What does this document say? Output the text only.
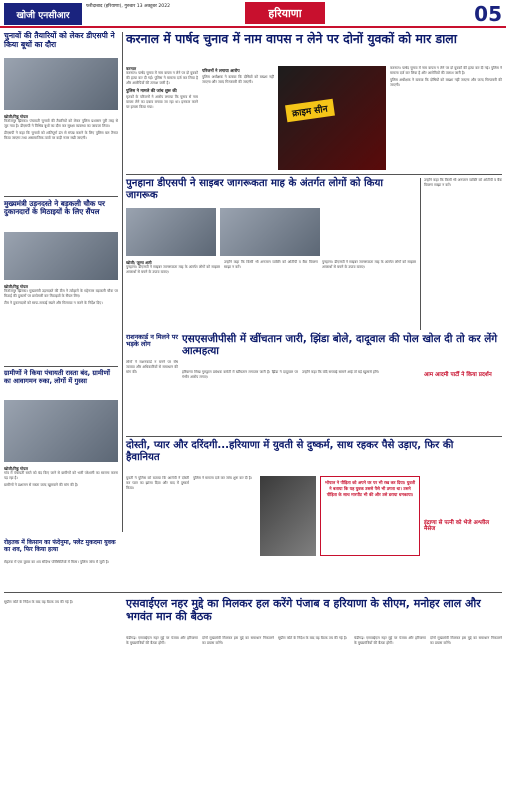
खोजी एनसीआर
फरीदाबाद (हरियाणा), गुरुवार 13 अक्टूबर 2022	हरियाणा	05
चुनावों की तैयारियों को लेकर डीएसपी ने किया बूथों का दौरा
खोजी/रिंकू गोयल

फिरोजपुर झिरका। पंचायती चुनावों की तैयारियों को लेकर पुलिस प्रशासन पूरी तरह से जुट गया है। डीएसपी ने विभिन्न बूथों का दौरा कर सुरक्षा व्यवस्था का जायजा लिया।

डीएसपी ने कहा कि चुनावों को शांतिपूर्ण ढंग से संपन्न कराने के लिए पुलिस बल तैनात किया जाएगा तथा असामाजिक तत्वों पर कड़ी नजर रखी जाएगी।

मुख्यमंत्री उड़नदस्ते ने बड़कली चौक पर दुकानदारों के मिठाइयों के लिए सैंपल
खोजी/रिंकू गोयल

फिरोजपुर झिरका। मुख्यमंत्री उड़नदस्ते की टीम ने त्योहारों के मद्देनजर बड़कली चौक पर मिठाई की दुकानों पर छापेमारी कर मिठाइयों के सैंपल लिए।

टीम ने दुकानदारों को साफ-सफाई रखने और मिलावट न करने के निर्देश दिए।

ग्रामीणों ने किया पंचायती रास्ता बंद, ग्रामीणों का आवागमन रुका, लोगों में गुस्सा
खोजी/रिंकू गोयल

गांव में पंचायती रास्ते को बंद किए जाने से ग्रामीणों को भारी परेशानी का सामना करना पड़ रहा है।

ग्रामीणों ने प्रशासन से रास्ता जल्द खुलवाने की मांग की है।

करनाल में पार्षद चुनाव में नाम वापस न लेने पर दोनों युवकों को मार डाला
करनाल

करनाल। पार्षद चुनाव में नाम वापस न लेने पर दो युवकों की हत्या कर दी गई। पुलिस ने मामला दर्ज कर लिया है और आरोपियों की तलाश जारी है।

पुलिस ने मामले की जांच शुरू की

मृतकों के परिजनों ने आरोप लगाया कि चुनाव से नाम वापस लेने का दबाव बनाया जा रहा था। इनकार करने पर हमला किया गया।

परिजनों ने लगाया आरोप

पुलिस अधीक्षक ने बताया कि दोषियों को बख्शा नहीं जाएगा और जल्द गिरफ्तारी की जाएगी।

क्राइम सीन

करनाल। पार्षद चुनाव में नाम वापस न लेने पर दो युवकों की हत्या कर दी गई। पुलिस ने मामला दर्ज कर लिया है और आरोपियों की तलाश जारी है।

पुलिस अधीक्षक ने बताया कि दोषियों को बख्शा नहीं जाएगा और जल्द गिरफ्तारी की जाएगी।

पुनहाना डीएसपी ने साइबर जागरूकता माह के अंतर्गत लोगों को किया जागरूक
खोजी/ जुम्मा अली

पुनहाना। डीएसपी ने साइबर जागरूकता माह के अंतर्गत लोगों को साइबर अपराधों से बचने के उपाय बताए।

उन्होंने कहा कि किसी भी अनजान व्यक्ति को ओटीपी व बैंक विवरण साझा न करें।

पुनहाना। डीएसपी ने साइबर जागरूकता माह के अंतर्गत लोगों को साइबर अपराधों से बचने के उपाय बताए।

उन्होंने कहा कि किसी भी अनजान व्यक्ति को ओटीपी व बैंक विवरण साझा न करें।

राशनकार्ड न मिलने पर भड़के लोग

लोगों ने राशनकार्ड न बनने पर रोष जताया और अधिकारियों से समाधान की मांग की।

एसएसजीपीसी में खींचतान जारी, झिंडा बोले, दादूवाल की पोल खोल दी तो कर लेंगे आत्महत्या

हरियाणा सिख गुरुद्वारा प्रबंधक कमेटी में खींचतान लगातार जारी है। झिंडा ने दादूवाल पर गंभीर आरोप लगाए।

उन्होंने कहा कि यदि सच्चाई सामने आई तो बड़े खुलासे होंगे।	आम आदमी पार्टी ने किया प्रदर्शन
इंद्राणा से पत्नी को भेजे अश्लील मैसेज
दोस्ती, प्यार और दरिंदगी...हरियाणा में युवती से दुष्कर्म, साथ रहकर पैसे उड़ाए, फिर की हैवानियत

युवती ने पुलिस को बताया कि आरोपी ने दोस्ती कर प्यार का झांसा दिया और बाद में दुष्कर्म किया।

पुलिस ने मामला दर्ज कर जांच शुरू कर दी है।

भोपाल ने पीड़िता को अपने घर पर भी रख कर दिया। युवती ने बताया कि यह युवक उससे पैसे भी ठगता था। उसने पीड़िता के साथ मारपीट भी की और उसे डराया धमकाया।
रोहतक में किसान का फंदेनुमा, फ्लेट मुकदमा युवक का शव, फिर किया हत्या

रोहतक में एक युवक का शव संदिग्ध परिस्थितियों में मिला। पुलिस जांच में जुटी है।

एसवाईएल नहर मुद्दे का मिलकर हल करेंगे पंजाब व हरियाणा के सीएम, मनोहर लाल और भगवंत मान की बैठक

चंडीगढ़। एसवाईएल नहर मुद्दे पर पंजाब और हरियाणा के मुख्यमंत्रियों की बैठक होगी।

दोनों मुख्यमंत्री मिलकर इस मुद्दे का समाधान निकालने का प्रयास करेंगे।

सुप्रीम कोर्ट के निर्देश के बाद यह बैठक तय की गई है।	चंडीगढ़। एसवाईएल नहर मुद्दे पर पंजाब और हरियाणा के मुख्यमंत्रियों की बैठक होगी।

दोनों मुख्यमंत्री मिलकर इस मुद्दे का समाधान निकालने का प्रयास करेंगे।

सुप्रीम कोर्ट के निर्देश के बाद यह बैठक तय की गई है।
